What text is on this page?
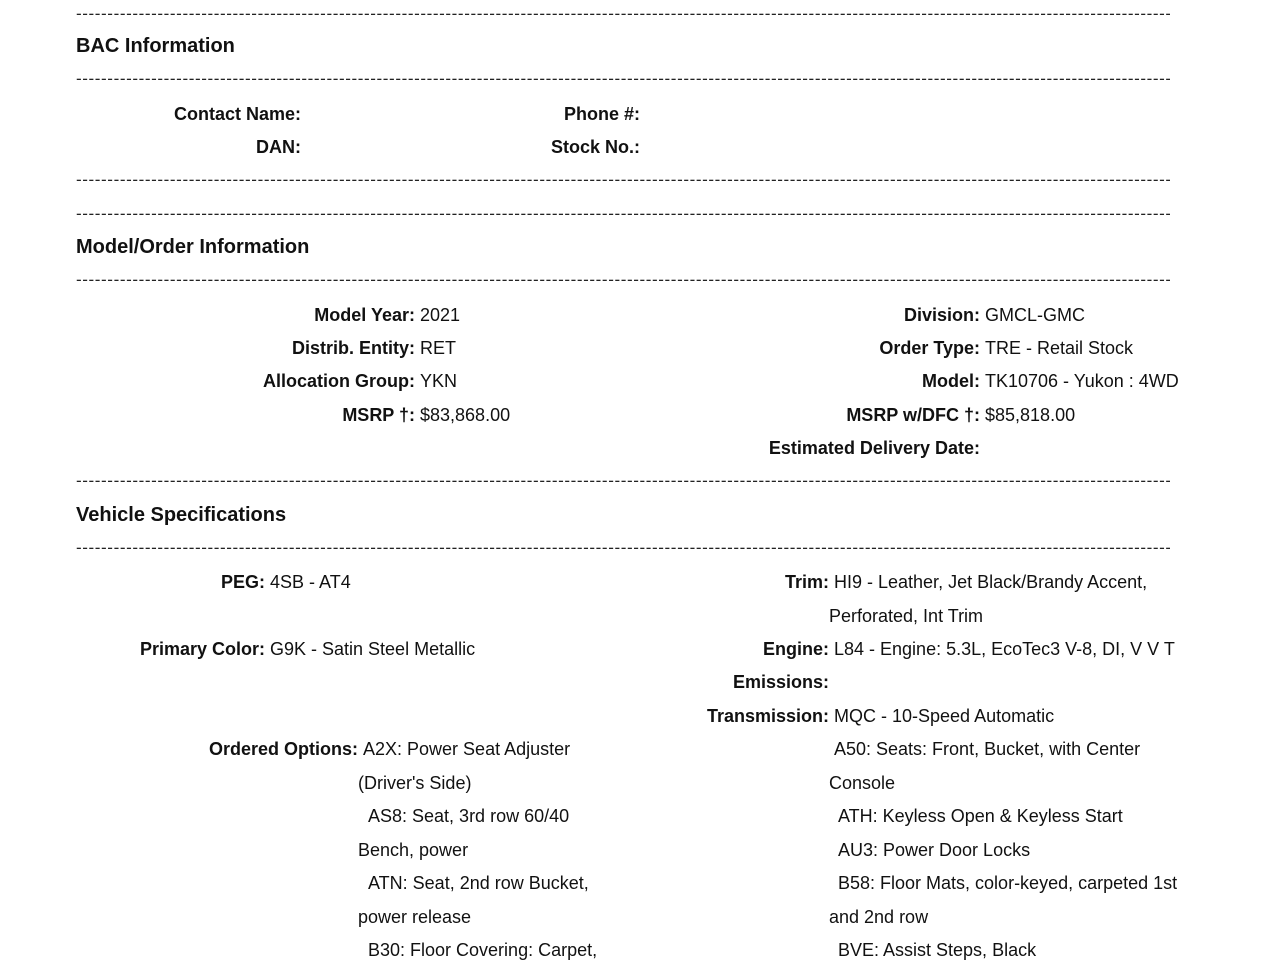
-----
-----
-----
-----
-----
-----
-----
BAC Information
Contact Name:	Phone #:
DAN:	Stock No.:
Model/Order Information
Model Year: 2021
Distrib. Entity: RET
Allocation Group: YKN
MSRP †: $83,868.00
Division: GMCL-GMC
Order Type: TRE - Retail Stock
Model: TK10706 - Yukon : 4WD
MSRP w/DFC †: $85,818.00
Estimated Delivery Date:
Vehicle Specifications
PEG: 4SB - AT4
Primary Color: G9K - Satin Steel Metallic
Trim: HI9 - Leather, Jet Black/Brandy Accent,
Perforated, Int Trim
Engine: L84 - Engine: 5.3L, EcoTec3 V-8, DI, V V T
Emissions:
Transmission: MQC - 10-Speed Automatic
Ordered Options: A2X: Power Seat Adjuster
(Driver's Side)
AS8: Seat, 3rd row 60/40
Bench, power
ATN: Seat, 2nd row Bucket,
power release
B30: Floor Covering: Carpet,
A50: Seats: Front, Bucket, with Center
Console
ATH: Keyless Open & Keyless Start
AU3: Power Door Locks
B58: Floor Mats, color-keyed, carpeted 1st
and 2nd row
BVE: Assist Steps, Black
